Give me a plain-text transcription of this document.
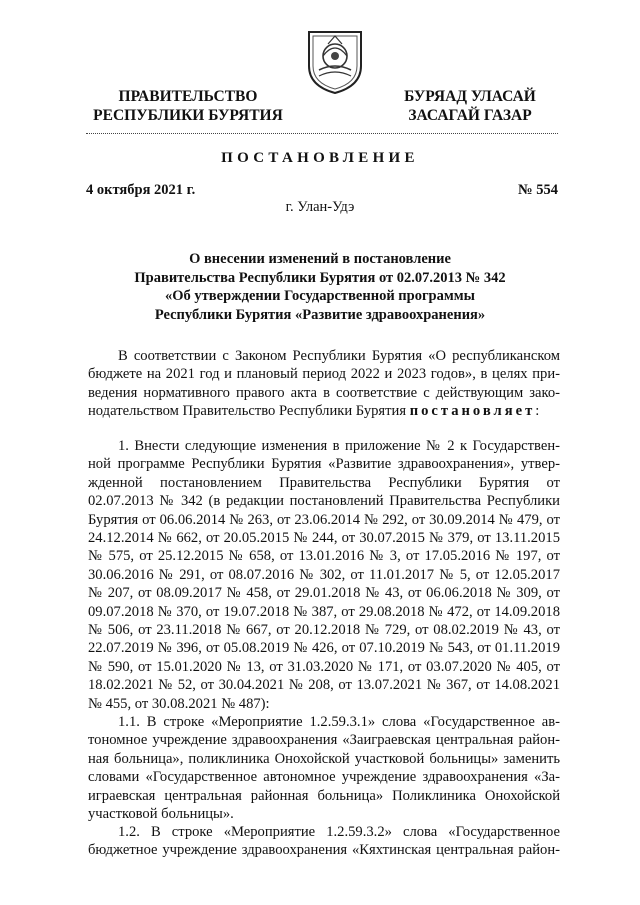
ПРАВИТЕЛЬСТВО
РЕСПУБЛИКИ БУРЯТИЯ
БУРЯАД УЛАСАЙ
ЗАСАГАЙ ГАЗАР
ПОСТАНОВЛЕНИЕ
4 октября 2021 г.	№ 554
г. Улан-Удэ
О внесении изменений в постановление
Правительства Республики Бурятия от 02.07.2013 № 342
«Об утверждении Государственной программы
Республики Бурятия «Развитие здравоохранения»
В соответствии с Законом Республики Бурятия «О республиканском
бюджете на 2021 год и плановый период 2022 и 2023 годов», в целях при-
ведения нормативного правого акта в соответствие с действующим зако-
нодательством Правительство Республики Бурятия постановляет:
1. Внести следующие изменения в приложение № 2 к Государствен-
ной программе Республики Бурятия «Развитие здравоохранения», утвер-
жденной постановлением Правительства Республики Бурятия от
02.07.2013 № 342 (в редакции постановлений Правительства Республики
Бурятия от 06.06.2014 № 263, от 23.06.2014 № 292, от 30.09.2014 № 479, от
24.12.2014 № 662, от 20.05.2015 № 244, от 30.07.2015 № 379, от 13.11.2015
№ 575, от 25.12.2015 № 658, от 13.01.2016 № 3, от 17.05.2016 № 197, от
30.06.2016 № 291, от 08.07.2016 № 302, от 11.01.2017 № 5, от 12.05.2017
№ 207, от 08.09.2017 № 458, от 29.01.2018 № 43, от 06.06.2018 № 309, от
09.07.2018 № 370, от 19.07.2018 № 387, от 29.08.2018 № 472, от 14.09.2018
№ 506, от 23.11.2018 № 667, от 20.12.2018 № 729, от 08.02.2019 № 43, от
22.07.2019 № 396, от 05.08.2019 № 426, от 07.10.2019 № 543, от 01.11.2019
№ 590, от 15.01.2020 № 13, от 31.03.2020 № 171, от 03.07.2020 № 405, от
18.02.2021 № 52, от 30.04.2021 № 208, от 13.07.2021 № 367, от 14.08.2021
№ 455, от 30.08.2021 № 487):
1.1. В строке «Мероприятие 1.2.59.3.1» слова «Государственное ав-
тономное учреждение здравоохранения «Заиграевская центральная район-
ная больница», поликлиника Онохойской участковой больницы» заменить
словами «Государственное автономное учреждение здравоохранения «За-
играевская центральная районная больница» Поликлиника Онохойской
участковой больницы».
1.2. В строке «Мероприятие 1.2.59.3.2» слова «Государственное
бюджетное учреждение здравоохранения «Кяхтинская центральная район-
